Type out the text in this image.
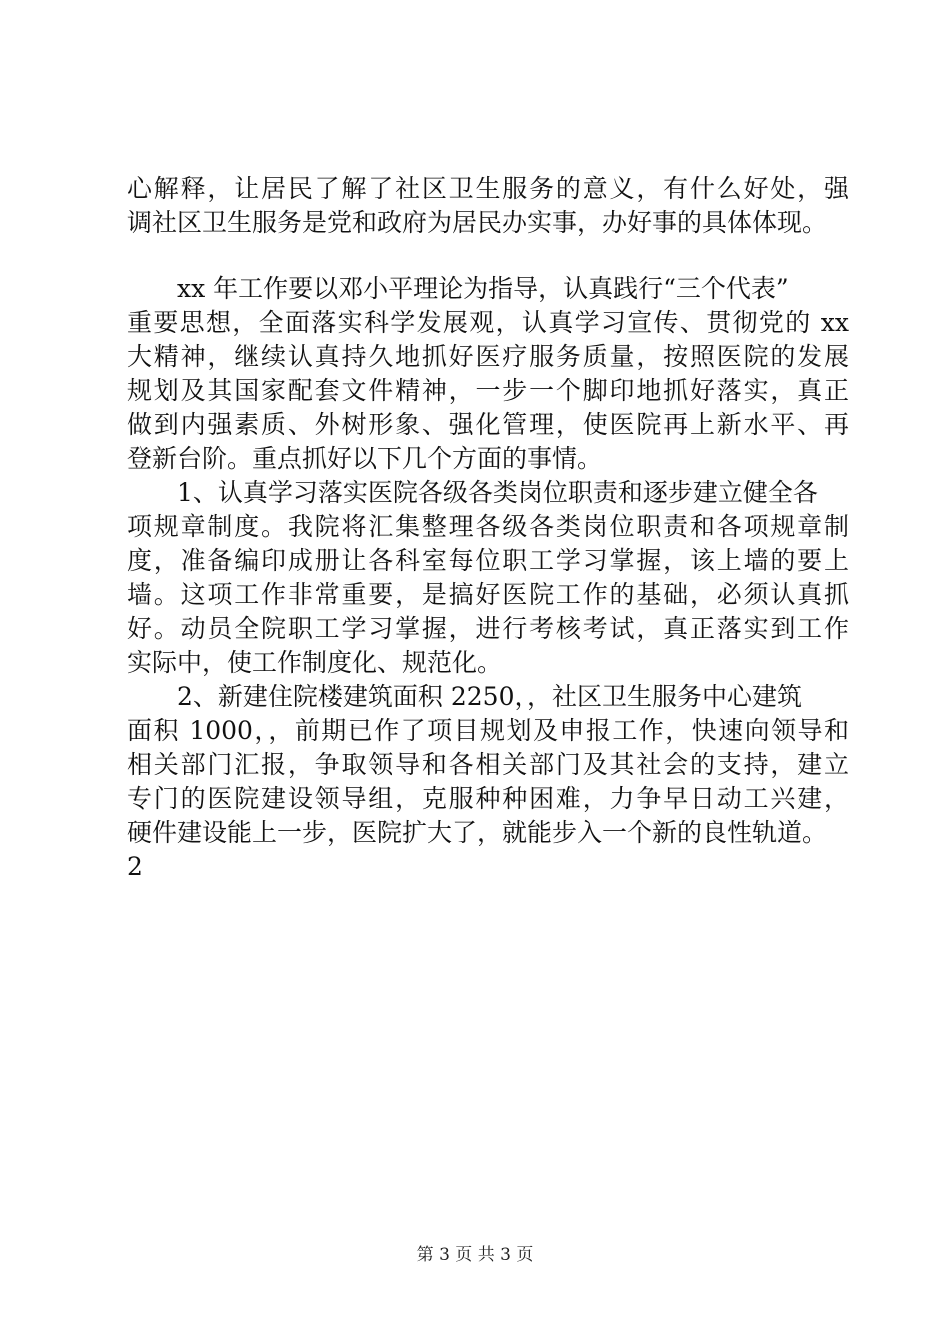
心解释，让居民了解了社区卫生服务的意义，有什么好处，强
调社区卫生服务是党和政府为居民办实事，办好事的具体体现。
xx 年工作要以邓小平理论为指导，认真践行“三个代表”
重要思想，全面落实科学发展观，认真学习宣传、贯彻党的 xx
大精神，继续认真持久地抓好医疗服务质量，按照医院的发展
规划及其国家配套文件精神，一步一个脚印地抓好落实，真正
做到内强素质、外树形象、强化管理，使医院再上新水平、再
登新台阶。重点抓好以下几个方面的事情。
1、认真学习落实医院各级各类岗位职责和逐步建立健全各
项规章制度。我院将汇集整理各级各类岗位职责和各项规章制
度，准备编印成册让各科室每位职工学习掌握，该上墙的要上
墙。这项工作非常重要，是搞好医院工作的基础，必须认真抓
好。动员全院职工学习掌握，进行考核考试，真正落实到工作
实际中，使工作制度化、规范化。
2、新建住院楼建筑面积 2250，，社区卫生服务中心建筑
面积 1000，，前期已作了项目规划及申报工作，快速向领导和
相关部门汇报，争取领导和各相关部门及其社会的支持，建立
专门的医院建设领导组，克服种种困难，力争早日动工兴建，
硬件建设能上一步，医院扩大了，就能步入一个新的良性轨道。
2
第 3 页 共 3 页
